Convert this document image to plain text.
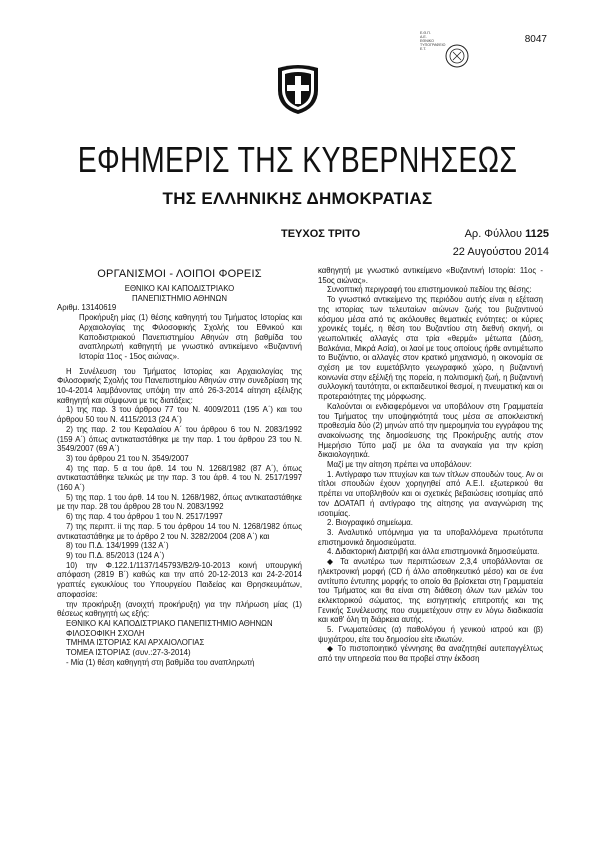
8047
Ε.Θ.Π.
Α.Ε.
ΕΘΝΙΚΟ
ΤΥΠΟΓΡΑΦΕΙΟ
Ε.Τ.
ΕΦΗΜΕΡΙΣ ΤΗΣ ΚΥΒΕΡΝΗΣΕΩΣ
ΤΗΣ ΕΛΛΗΝΙΚΗΣ ΔΗΜΟΚΡΑΤΙΑΣ
ΤΕΥΧΟΣ ΤΡΙΤΟ	Αρ. Φύλλου 1125
22 Αυγούστου 2014
ΟΡΓΑΝΙΣΜΟΙ - ΛΟΙΠΟΙ ΦΟΡΕΙΣ

ΕΘΝΙΚΟ ΚΑΙ ΚΑΠΟΔΙΣΤΡΙΑΚΟ

ΠΑΝΕΠΙΣΤΗΜΙΟ ΑΘΗΝΩΝ

Αριθμ. 13140619
Προκήρυξη μίας (1) θέσης καθηγητή του Τμήματος Ιστορίας και Αρχαιολογίας της Φιλοσοφικής Σχολής του Εθνικού και Καποδιστριακού Πανεπιστημίου Αθηνών στη βαθμίδα του αναπληρωτή καθηγητή με γνωστικό αντικείμενο «Βυζαντινή Ιστορία 11ος - 15ος αιώνας».

Η Συνέλευση του Τμήματος Ιστορίας και Αρχαιολογίας της Φιλοσοφικής Σχολής του Πανεπιστημίου Αθηνών στην συνεδρίαση της 10-4-2014 λαμβάνοντας υπόψη την από 26-3-2014 αίτηση εξέλιξης καθηγητή και σύμφωνα με τις διατάξεις:

1) της παρ. 3 του άρθρου 77 του Ν. 4009/2011 (195 Α΄) και του άρθρου 50 του Ν. 4115/2013 (24 Α΄)

2) της παρ. 2 του Κεφαλαίου Α΄ του άρθρου 6 του Ν. 2083/1992 (159 Α΄) όπως αντικαταστάθηκε με την παρ. 1 του άρθρου 23 του Ν. 3549/2007 (69 Α΄)

3) του άρθρου 21 του Ν. 3549/2007

4) της παρ. 5 α του άρθ. 14 του Ν. 1268/1982 (87 Α΄), όπως αντικαταστάθηκε τελικώς με την παρ. 3 του άρθ. 4 του Ν. 2517/1997 (160 Α΄)

5) της παρ. 1 του άρθ. 14 του Ν. 1268/1982, όπως αντικαταστάθηκε με την παρ. 28 του άρθρου 28 του Ν. 2083/1992

6) της παρ. 4 του άρθρου 1 του Ν. 2517/1997

7) της περιπτ. ii της παρ. 5 του άρθρου 14 του Ν. 1268/1982 όπως αντικαταστάθηκε με το άρθρο 2 του Ν. 3282/2004 (208 Α΄) και

8) του Π.Δ. 134/1999 (132 Α΄)

9) του Π.Δ. 85/2013 (124 Α΄)

10) την Φ.122.1/1137/145793/Β2/9-10-2013 κοινή υπουργική απόφαση (2819 Β΄) καθώς και την από 20-12-2013 και 24-2-2014 γραπτές εγκυκλίους του Υπουργείου Παιδείας και Θρησκευμάτων, αποφασίσε:

την προκήρυξη (ανοιχτή προκήρυξη) για την πλήρωση μίας (1) θέσεως καθηγητή ως εξής:

ΕΘΝΙΚΟ ΚΑΙ ΚΑΠΟΔΙΣΤΡΙΑΚΟ ΠΑΝΕΠΙΣΤΗΜΙΟ ΑΘΗΝΩΝ

ΦΙΛΟΣΟΦΙΚΗ ΣΧΟΛΗ

ΤΜΗΜΑ ΙΣΤΟΡΙΑΣ ΚΑΙ ΑΡΧΑΙΟΛΟΓΙΑΣ

ΤΟΜΕΑ ΙΣΤΟΡΙΑΣ (συν.:27-3-2014)

- Μία (1) θέση καθηγητή στη βαθμίδα του αναπληρωτή

καθηγητή με γνωστικό αντικείμενο «Βυζαντινή Ιστορία: 11ος - 15ος αιώνας».

Συνοπτική περιγραφή του επιστημονικού πεδίου της θέσης:

Το γνωστικό αντικείμενο της περιόδου αυτής είναι η εξέταση της ιστορίας των τελευταίων αιώνων ζωής του βυζαντινού κόσμου μέσα από τις ακόλουθες θεματικές ενότητες: οι κύριες χρονικές τομές, η θέση του Βυζαντίου στη διεθνή σκηνή, οι γεωπολιτικές αλλαγές στα τρία «θερμά» μέτωπα (Δύση, Βαλκάνια, Μικρά Ασία), οι λαοί με τους οποίους ήρθε αντιμέτωπο το Βυζάντιο, οι αλλαγές στον κρατικό μηχανισμό, η οικονομία σε σχέση με τον ευμετάβλητο γεωγραφικό χώρο, η βυζαντινή κοινωνία στην εξέλιξή της πορεία, η πολιτισμική ζωή, η βυζαντινή συλλογική ταυτότητα, οι εκπαιδευτικοί θεσμοί, η πνευματική και οι προτεραιότητες της μόρφωσης.

Καλούνται οι ενδιαφερόμενοι να υποβάλουν στη Γραμματεία του Τμήματος την υποψηφιότητά τους μέσα σε αποκλειστική προθεσμία δύο (2) μηνών από την ημερομηνία του εγγράφου της ανακοίνωσης της δημοσίευσης της Προκήρυξης αυτής στον Ημερήσιο Τύπο μαζί με όλα τα αναγκαία για την κρίση δικαιολογητικά.

Μαζί με την αίτηση πρέπει να υποβάλουν:

1. Αντίγραφο των πτυχίων και των τίτλων σπουδών τους. Αν οι τίτλοι σπουδών έχουν χορηγηθεί από Α.Ε.Ι. εξωτερικού θα πρέπει να υποβληθούν και οι σχετικές βεβαιώσεις ισοτιμίας από τον ΔΟΑΤΑΠ ή αντίγραφο της αίτησης για αναγνώριση της ισοτιμίας.

2. Βιογραφικό σημείωμα.

3. Αναλυτικό υπόμνημα για τα υποβαλλόμενα πρωτότυπα επιστημονικά δημοσιεύματα.

4. Διδακτορική Διατριβή και άλλα επιστημονικά δημοσιεύματα.

◆ Τα ανωτέρω των περιπτώσεων 2,3,4 υποβάλλονται σε ηλεκτρονική μορφή (CD ή άλλο αποθηκευτικό μέσο) και σε ένα αντίτυπο έντυπης μορφής το οποίο θα βρίσκεται στη Γραμματεία του Τμήματος και θα είναι στη διάθεση όλων των μελών του εκλεκτορικού σώματος, της εισηγητικής επιτροπής και της Γενικής Συνέλευσης που συμμετέχουν στην εν λόγω διαδικασία και καθ' όλη τη διάρκεια αυτής.

5. Γνωματεύσεις (α) παθολόγου ή γενικού ιατρού και (β) ψυχιάτρου, είτε του δημοσίου είτε ιδιωτών.

◆ Το πιστοποιητικό γέννησης θα αναζητηθεί αυτεπαγγέλτως από την υπηρεσία που θα προβεί στην έκδοση
